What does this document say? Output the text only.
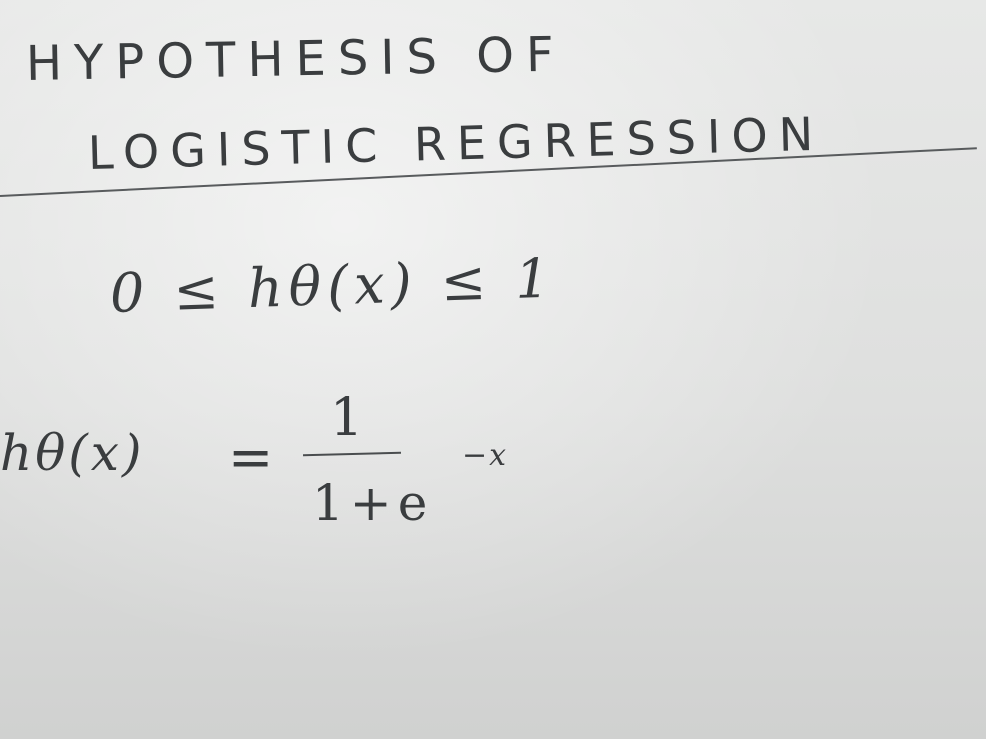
HYPOTHESIS OF
LOGISTIC REGRESSION
0 ≤ hθ(x) ≤ 1
hθ(x) =
1
1+e
−x
